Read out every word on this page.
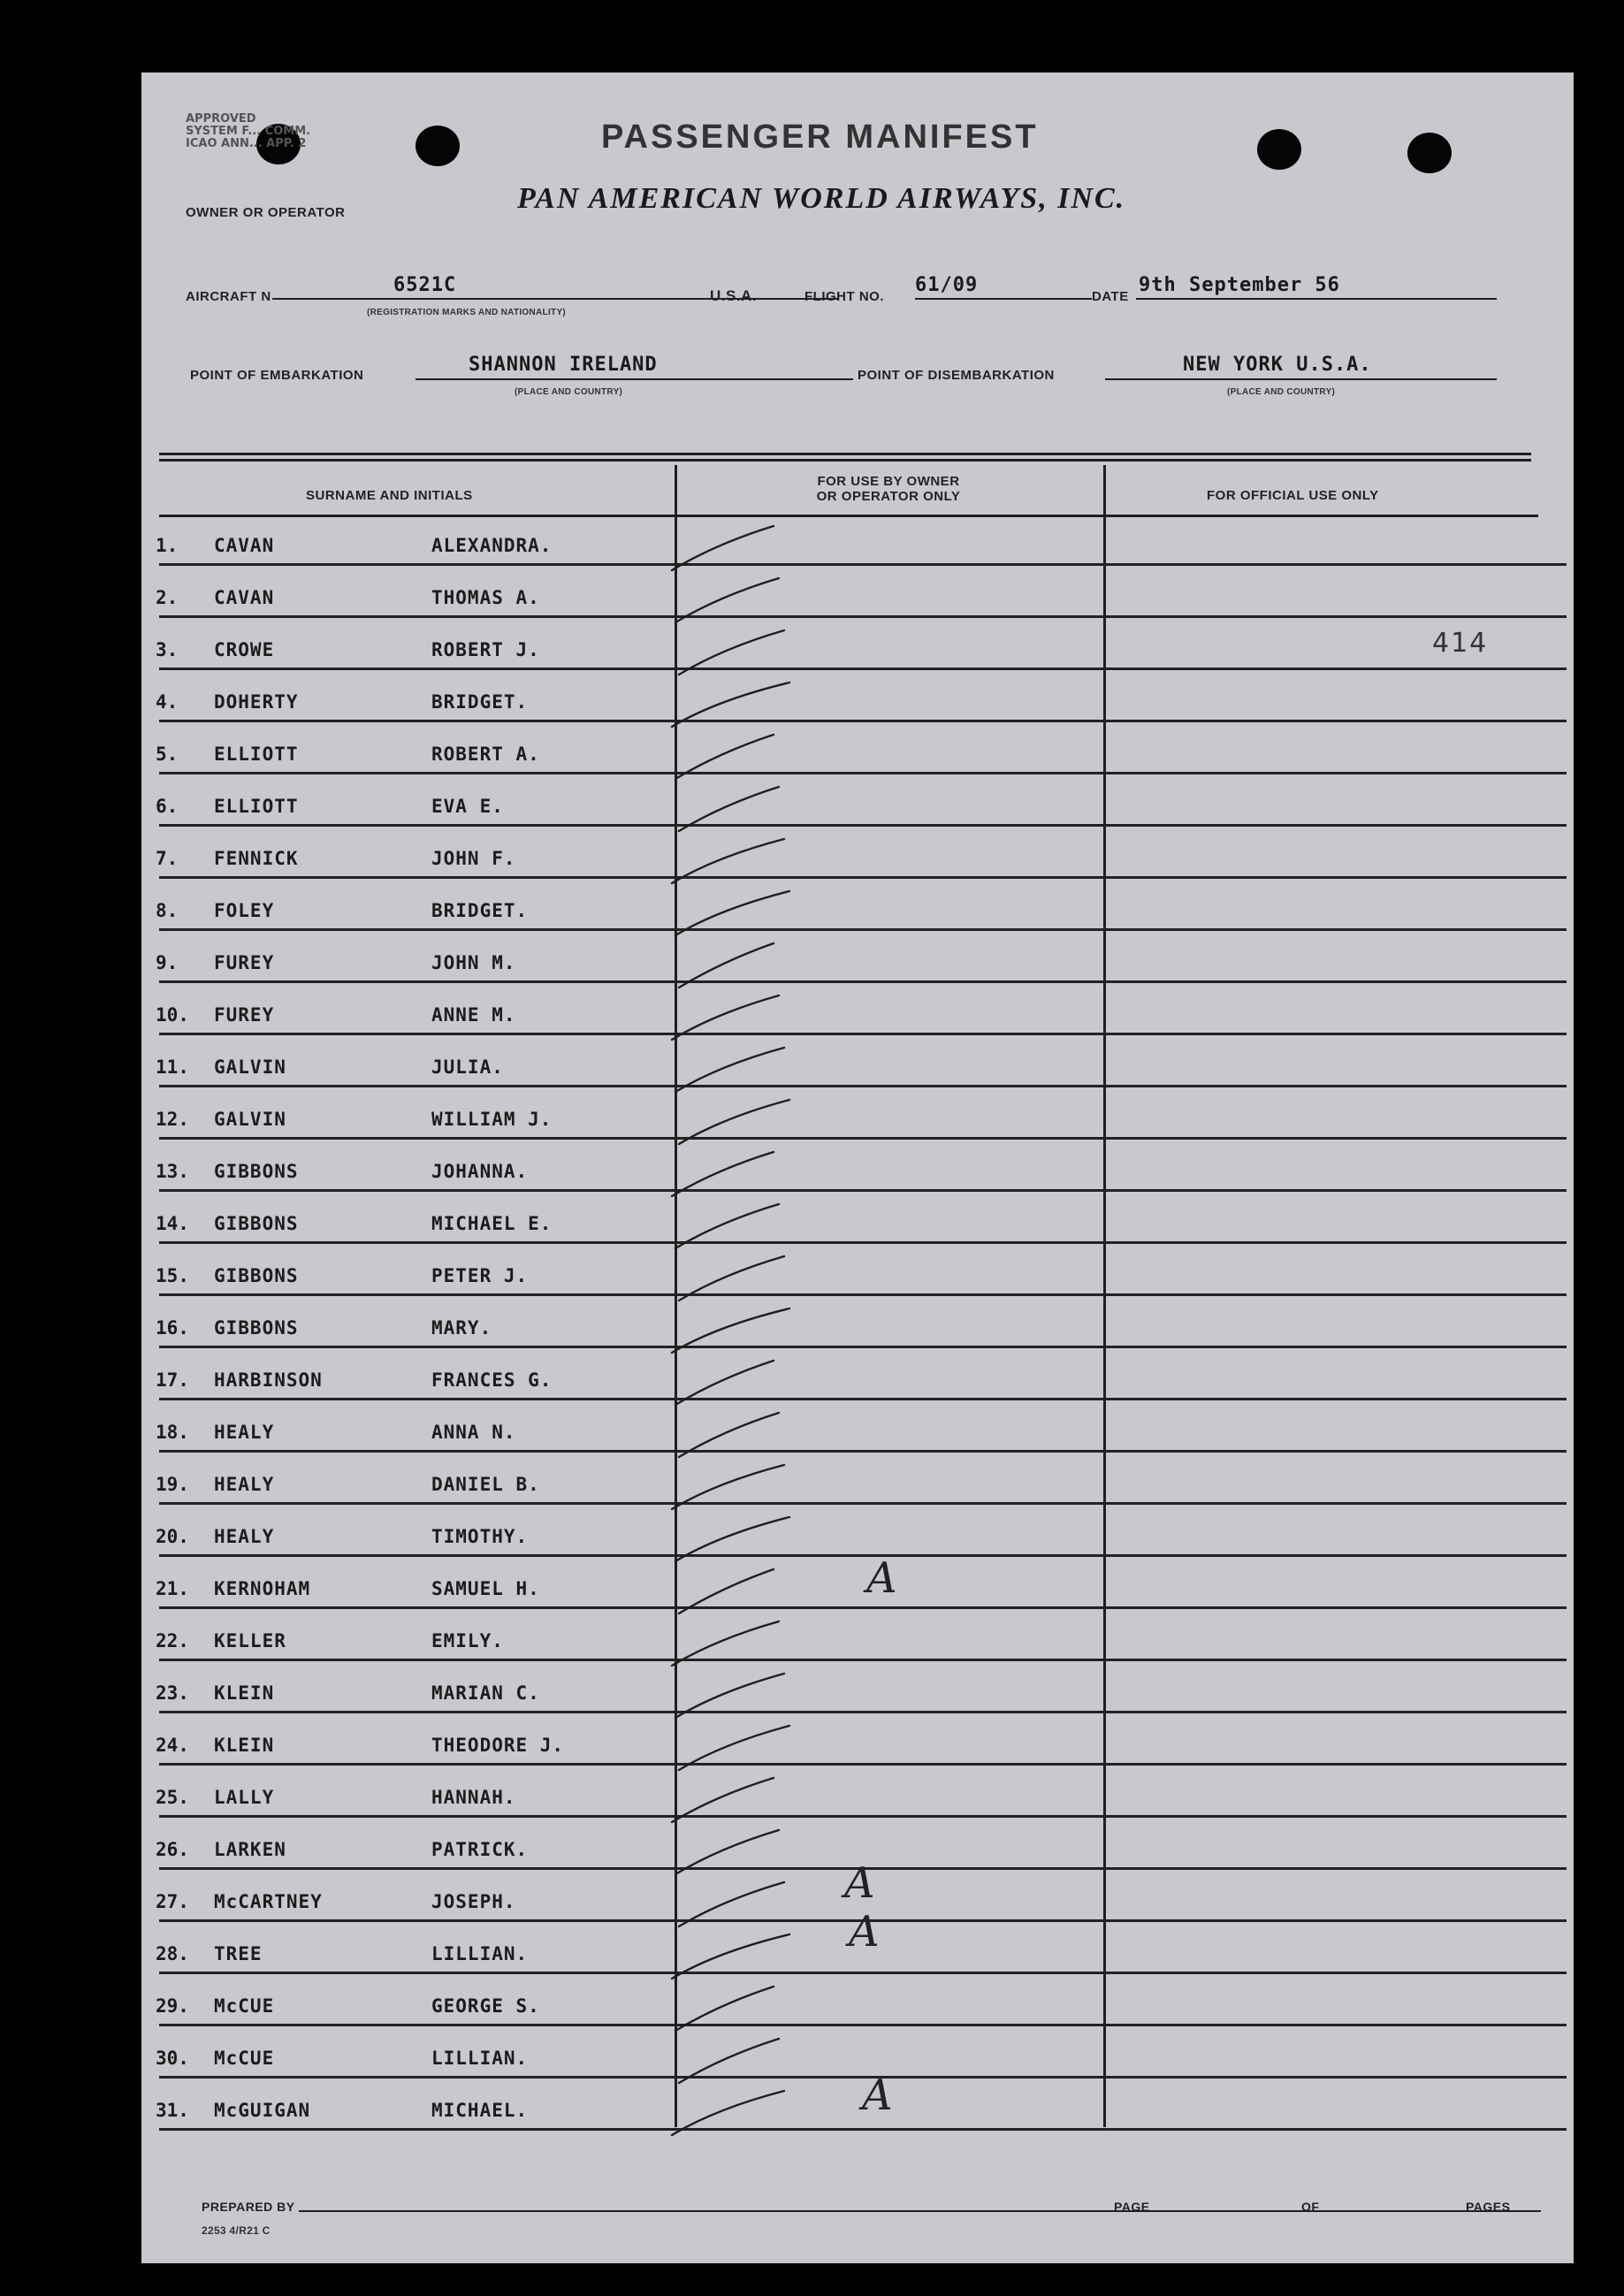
APPROVED
SYSTEM F... COMM.
ICAO ANN... APP. 2	PASSENGER MANIFEST
OWNER OR OPERATOR	PAN AMERICAN WORLD AIRWAYS, INC.
AIRCRAFT N
6521C
(REGISTRATION MARKS AND NATIONALITY)
U.S.A.	FLIGHT NO.
61/09
DATE
9th September 56
POINT OF EMBARKATION	SHANNON IRELAND
(PLACE AND COUNTRY)
POINT OF DISEMBARKATION	NEW YORK U.S.A.
(PLACE AND COUNTRY)
SURNAME AND INITIALS
FOR USE BY OWNER
OR OPERATOR ONLY	FOR OFFICIAL USE ONLY
414
1. CAVAN	ALEXANDRA.
2. CAVAN	THOMAS A.
3. CROWE	ROBERT J.
4. DOHERTY	BRIDGET.
5. ELLIOTT	ROBERT A.
6. ELLIOTT	EVA E.
7. FENNICK	JOHN F.
8. FOLEY	BRIDGET.
9. FUREY	JOHN M.
10. FUREY	ANNE M.
11. GALVIN	JULIA.
12. GALVIN	WILLIAM J.
13. GIBBONS	JOHANNA.
14. GIBBONS	MICHAEL E.
15. GIBBONS	PETER J.
16. GIBBONS	MARY.
17. HARBINSON	FRANCES G.
18. HEALY	ANNA N.
19. HEALY	DANIEL B.
20. HEALY	TIMOTHY.
21. KERNOHAM	SAMUEL H.
22. KELLER	EMILY.
23. KLEIN	MARIAN C.
24. KLEIN	THEODORE J.
25. LALLY	HANNAH.
26. LARKEN	PATRICK.
27. McCARTNEY	JOSEPH.
28. TREE	LILLIAN.
29. McCUE	GEORGE S.
30. McCUE	LILLIAN.
31. McGUIGAN	MICHAEL.
A
A
A
A
PREPARED BY
2253 4/R21 C
PAGE	OF	PAGES
